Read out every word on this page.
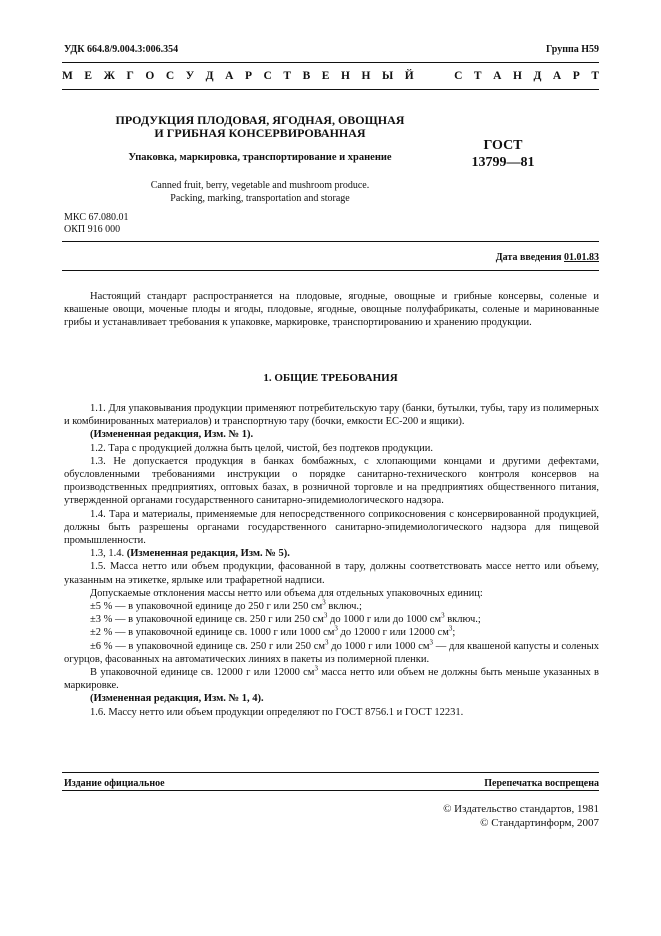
УДК 664.8/9.004.3:006.354	Группа Н59
М Е Ж Г О С У Д А Р С Т В Е Н Н Ы Й

	С Т А Н Д А Р Т
ПРОДУКЦИЯ ПЛОДОВАЯ, ЯГОДНАЯ, ОВОЩНАЯ
И ГРИБНАЯ КОНСЕРВИРОВАННАЯ
Упаковка, маркировка, транспортирование и хранение
ГОСТ
13799—81
Canned fruit, berry, vegetable and mushroom produce.
Packing, marking, transportation and storage
МКС 67.080.01
ОКП 916 000
Дата введения 01.01.83

Настоящий стандарт распространяется на плодовые, ягодные, овощные и грибные консервы, соленые и квашеные овощи, моченые плоды и ягоды, плодовые, ягодные, овощные полуфабрикаты, соленые и маринованные грибы и устанавливает требования к упаковке, маркировке, транспортированию и хранению продукции.

1. ОБЩИЕ ТРЕБОВАНИЯ

1.1. Для упаковывания продукции применяют потребительскую тару (банки, бутылки, тубы, тару из полимерных и комбинированных материалов) и транспортную тару (бочки, емкости ЕС-200 и ящики).

(Измененная редакция, Изм. № 1).

1.2. Тара с продукцией должна быть целой, чистой, без подтеков продукции.

1.3. Не допускается продукция в банках бомбажных, с хлопающими концами и другими дефектами, обусловленными требованиями инструкции о порядке санитарно-технического контроля консервов на производственных предприятиях, оптовых базах, в розничной торговле и на предприятиях общественного питания, утвержденной органами государственного санитарно-эпидемиологического надзора.

1.4. Тара и материалы, применяемые для непосредственного соприкосновения с консервированной продукцией, должны быть разрешены органами государственного санитарно-эпидемиологического надзора для пищевой промышленности.

1.3, 1.4. (Измененная редакция, Изм. № 5).

1.5. Масса нетто или объем продукции, фасованной в тару, должны соответствовать массе нетто или объему, указанным на этикетке, ярлыке или трафаретной надписи.

Допускаемые отклонения массы нетто или объема для отдельных упаковочных единиц:

±5 % — в упаковочной единице до 250 г или 250 $см^3$ включ.;

±3 % — в упаковочной единице св. 250 г или 250 $см^3$ до 1000 г или до 1000 $см^3$ включ.;

±2 % — в упаковочной единице св. 1000 г или 1000 $см^3$ до 12000 г или 12000 $см^3$;

±6 % — в упаковочной единице св. 250 г или 250 $см^3$ до 1000 г или 1000 $см^3$ — для квашеной капусты и соленых огурцов, фасованных на автоматических линиях в пакеты из полимерной пленки.

В упаковочной единице св. 12000 г или 12000 $см^3$ масса нетто или объем не должны быть меньше указанных в маркировке.

(Измененная редакция, Изм. № 1, 4).

1.6. Массу нетто или объем продукции определяют по ГОСТ 8756.1 и ГОСТ 12231.

Издание официальное	Перепечатка воспрещена
© Издательство стандартов, 1981
© Стандартинформ, 2007
